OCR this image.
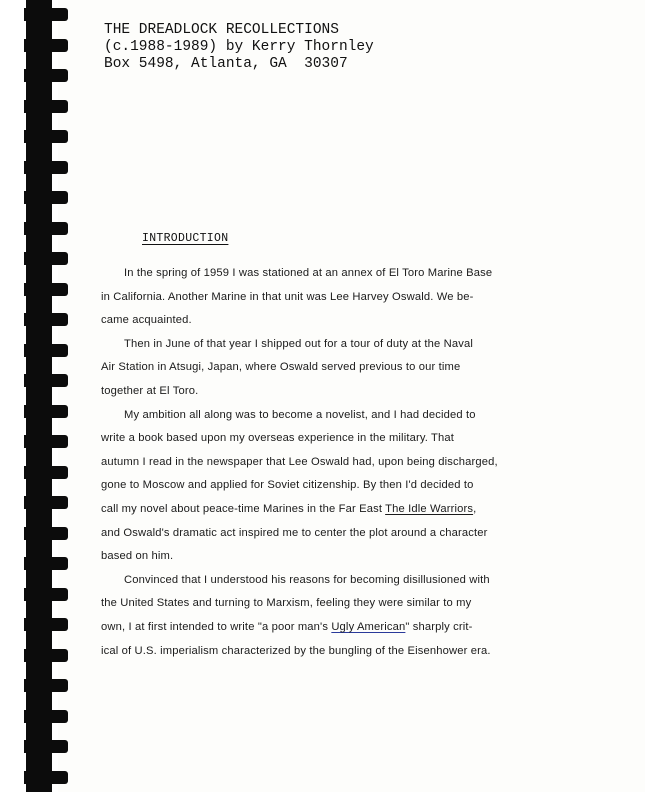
THE DREADLOCK RECOLLECTIONS
(c.1988-1989) by Kerry Thornley
Box 5498, Atlanta, GA  30307
INTRODUCTION
In the spring of 1959 I was stationed at an annex of El Toro Marine Base
in California. Another Marine in that unit was Lee Harvey Oswald. We be-
came acquainted.
Then in June of that year I shipped out for a tour of duty at the Naval
Air Station in Atsugi, Japan, where Oswald served previous to our time
together at El Toro.
My ambition all along was to become a novelist, and I had decided to
write a book based upon my overseas experience in the military. That
autumn I read in the newspaper that Lee Oswald had, upon being discharged,
gone to Moscow and applied for Soviet citizenship. By then I'd decided to
call my novel about peace-time Marines in the Far East The Idle Warriors,
and Oswald's dramatic act inspired me to center the plot around a character
based on him.
Convinced that I understood his reasons for becoming disillusioned with
the United States and turning to Marxism, feeling they were similar to my
own, I at first intended to write "a poor man's Ugly American" sharply crit-
ical of U.S. imperialism characterized by the bungling of the Eisenhower era.
